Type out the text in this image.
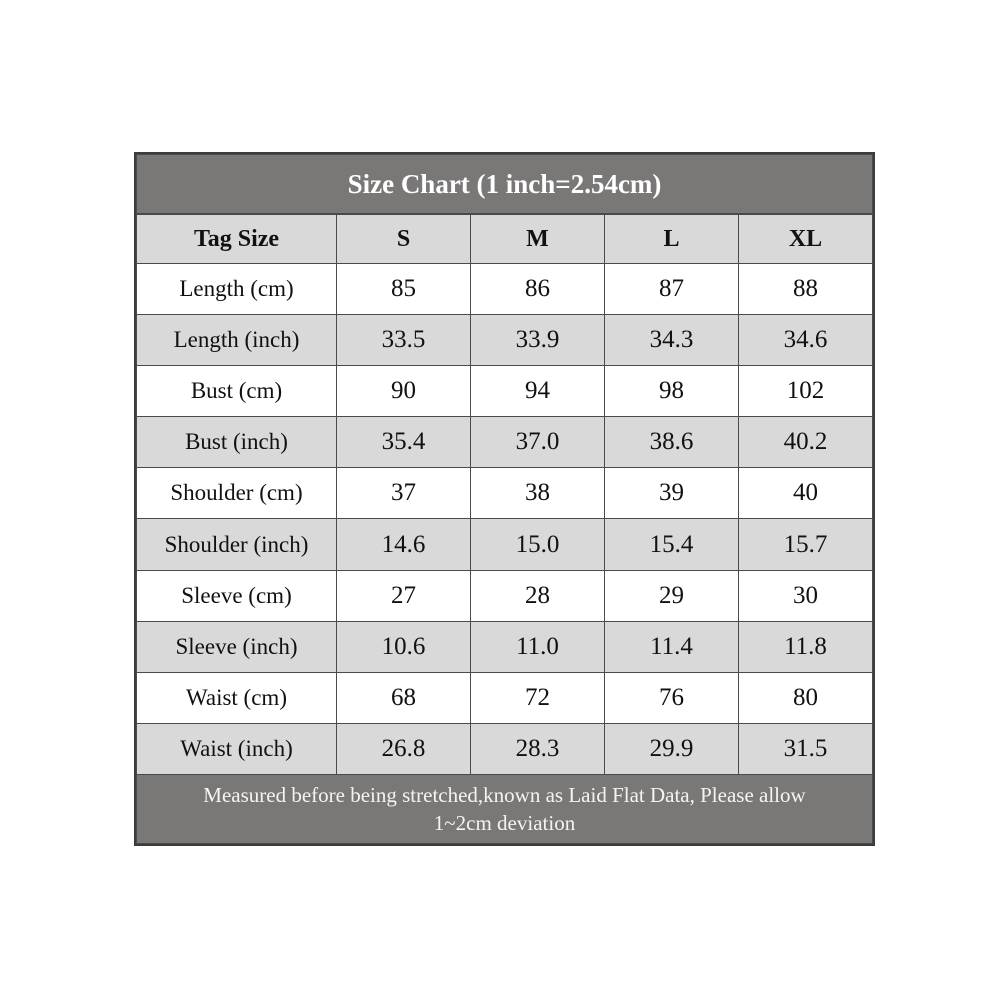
Size Chart (1 inch=2.54cm)				
Tag Size	S	M	L	XL
Length (cm)	85	86	87	88
Length (inch)	33.5	33.9	34.3	34.6
Bust (cm)	90	94	98	102
Bust (inch)	35.4	37.0	38.6	40.2
Shoulder (cm)	37	38	39	40
Shoulder (inch)	14.6	15.0	15.4	15.7
Sleeve (cm)	27	28	29	30
Sleeve (inch)	10.6	11.0	11.4	11.8
Waist (cm)	68	72	76	80
Waist (inch)	26.8	28.3	29.9	31.5
Measured before being stretched,known as Laid Flat Data, Please allow
1~2cm deviation				
